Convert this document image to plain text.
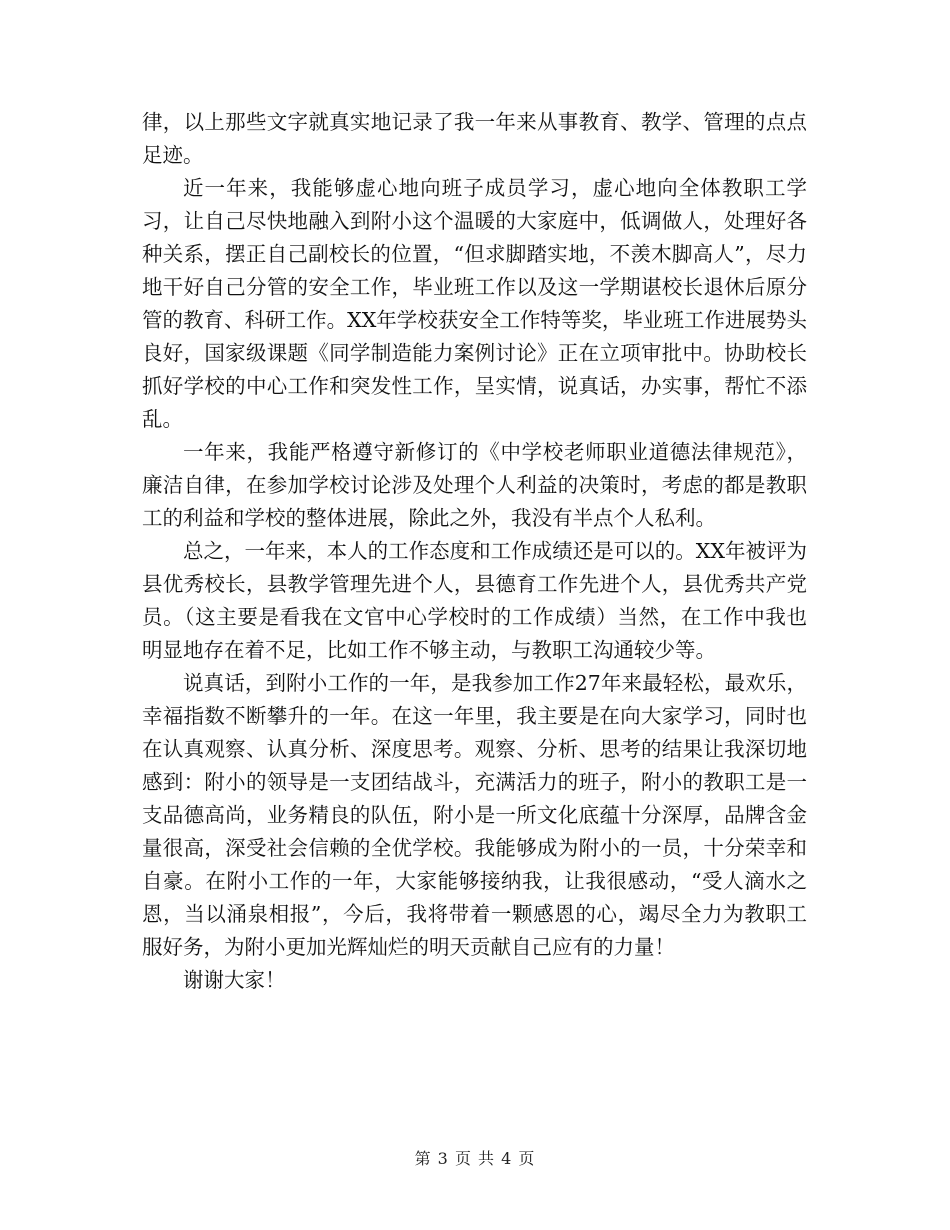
律，以上那些文字就真实地记录了我一年来从事教育、教学、管理的点点足迹。

近一年来，我能够虚心地向班子成员学习，虚心地向全体教职工学习，让自己尽快地融入到附小这个温暖的大家庭中，低调做人，处理好各种关系，摆正自己副校长的位置，“但求脚踏实地，不羡木脚高人”，尽力地干好自己分管的安全工作，毕业班工作以及这一学期谌校长退休后原分管的教育、科研工作。XX年学校获安全工作特等奖，毕业班工作进展势头良好，国家级课题《同学制造能力案例讨论》正在立项审批中。协助校长抓好学校的中心工作和突发性工作，呈实情，说真话，办实事，帮忙不添乱。

一年来，我能严格遵守新修订的《中学校老师职业道德法律规范》，廉洁自律，在参加学校讨论涉及处理个人利益的决策时，考虑的都是教职工的利益和学校的整体进展，除此之外，我没有半点个人私利。

总之，一年来，本人的工作态度和工作成绩还是可以的。XX年被评为县优秀校长，县教学管理先进个人，县德育工作先进个人，县优秀共产党员。（这主要是看我在文官中心学校时的工作成绩）当然，在工作中我也明显地存在着不足，比如工作不够主动，与教职工沟通较少等。

说真话，到附小工作的一年，是我参加工作27年来最轻松，最欢乐，幸福指数不断攀升的一年。在这一年里，我主要是在向大家学习，同时也在认真观察、认真分析、深度思考。观察、分析、思考的结果让我深切地感到：附小的领导是一支团结战斗，充满活力的班子，附小的教职工是一支品德高尚，业务精良的队伍，附小是一所文化底蕴十分深厚，品牌含金量很高，深受社会信赖的全优学校。我能够成为附小的一员，十分荣幸和自豪。在附小工作的一年，大家能够接纳我，让我很感动，“受人滴水之恩，当以涌泉相报”，今后，我将带着一颗感恩的心，竭尽全力为教职工服好务，为附小更加光辉灿烂的明天贡献自己应有的力量！

谢谢大家！

第 3 页 共 4 页
